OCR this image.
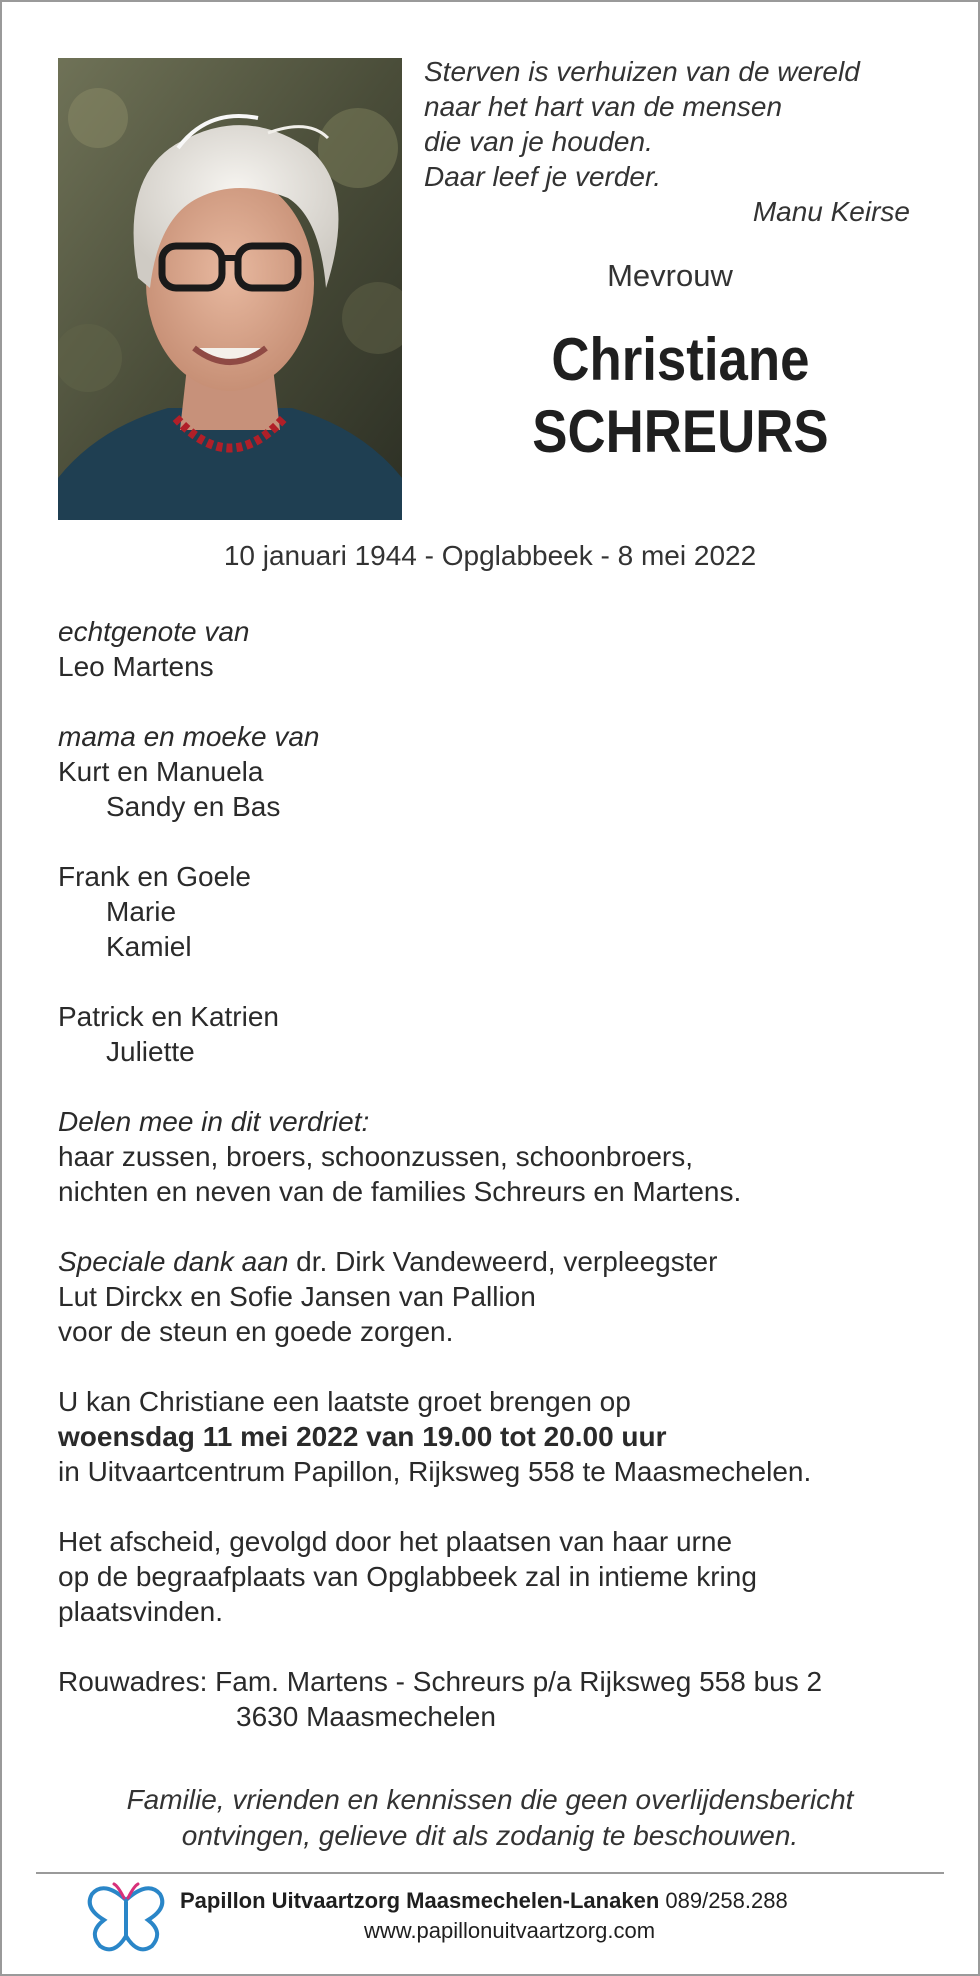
Sterven is verhuizen van de wereld
naar het hart van de mensen
die van je houden.
Daar leef je verder.
Manu Keirse
Mevrouw
Christiane
SCHREURS
10 januari 1944 - Opglabbeek - 8 mei 2022
echtgenote van
Leo Martens
mama en moeke van
Kurt en Manuela
Sandy en Bas
Frank en Goele
Marie
Kamiel
Patrick en Katrien
Juliette
Delen mee in dit verdriet:
haar zussen, broers, schoonzussen, schoonbroers,
nichten en neven van de families Schreurs en Martens.
Speciale dank aan dr. Dirk Vandeweerd, verpleegster
Lut Dirckx en Sofie Jansen van Pallion
voor de steun en goede zorgen.
U kan Christiane een laatste groet brengen op
woensdag 11 mei 2022 van 19.00 tot 20.00 uur
in Uitvaartcentrum Papillon, Rijksweg 558 te Maasmechelen.
Het afscheid, gevolgd door het plaatsen van haar urne
op de begraafplaats van Opglabbeek zal in intieme kring
plaatsvinden.
Rouwadres: Fam. Martens - Schreurs p/a Rijksweg 558 bus 2
3630 Maasmechelen
Familie, vrienden en kennissen die geen overlijdensbericht
ontvingen, gelieve dit als zodanig te beschouwen.
Papillon Uitvaartzorg Maasmechelen-Lanaken 089/258.288
www.papillonuitvaartzorg.com
